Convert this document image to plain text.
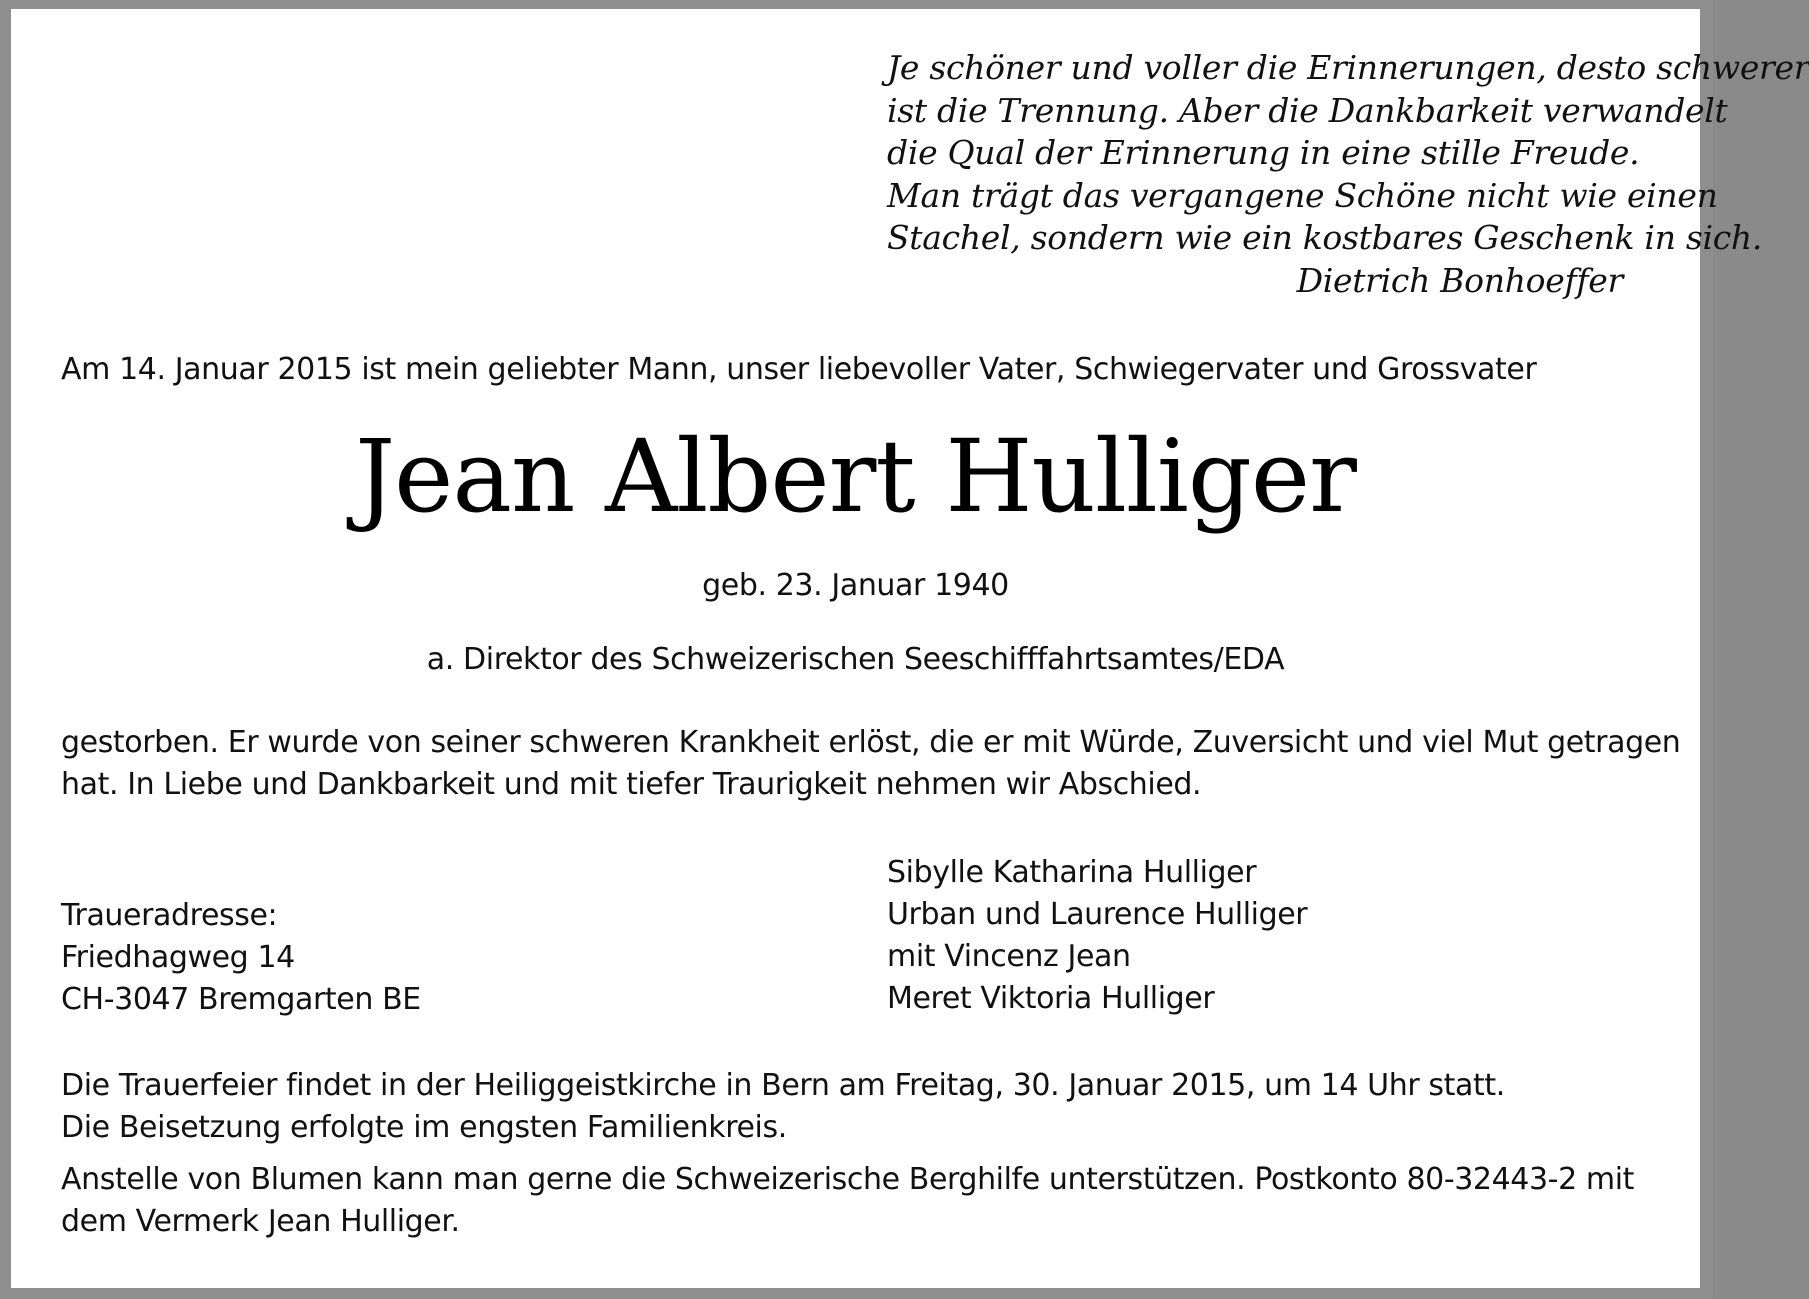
Je schöner und voller die Erinnerungen, desto schwerer
ist die Trennung. Aber die Dankbarkeit verwandelt
die Qual der Erinnerung in eine stille Freude.
Man trägt das vergangene Schöne nicht wie einen
Stachel, sondern wie ein kostbares Geschenk in sich.
Dietrich Bonhoeffer
Am 14. Januar 2015 ist mein geliebter Mann, unser liebevoller Vater, Schwiegervater und Grossvater
Jean Albert Hulliger
geb. 23. Januar 1940
a. Direktor des Schweizerischen Seeschifffahrtsamtes/EDA
gestorben. Er wurde von seiner schweren Krankheit erlöst, die er mit Würde, Zuversicht und viel Mut getragen
hat. In Liebe und Dankbarkeit und mit tiefer Traurigkeit nehmen wir Abschied.
Traueradresse:
Friedhagweg 14
CH-3047 Bremgarten BE
Sibylle Katharina Hulliger
Urban und Laurence Hulliger
mit Vincenz Jean
Meret Viktoria Hulliger
Die Trauerfeier findet in der Heiliggeistkirche in Bern am Freitag, 30. Januar 2015, um 14 Uhr statt.
Die Beisetzung erfolgte im engsten Familienkreis.
Anstelle von Blumen kann man gerne die Schweizerische Berghilfe unterstützen. Postkonto 80-32443-2 mit
dem Vermerk Jean Hulliger.
